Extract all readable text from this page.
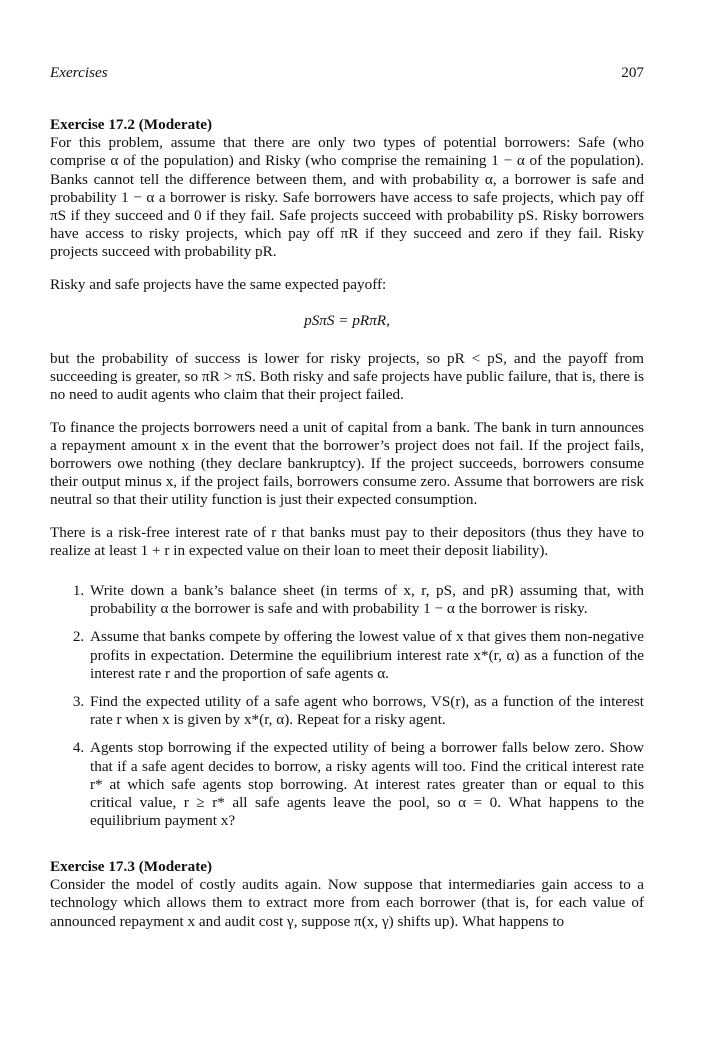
Exercises	207

Exercise 17.2 (Moderate)

For this problem, assume that there are only two types of potential borrowers: Safe (who comprise α of the population) and Risky (who comprise the remaining 1 − α of the population). Banks cannot tell the difference between them, and with probability α, a borrower is safe and probability 1 − α a borrower is risky. Safe borrowers have access to safe projects, which pay off πS if they succeed and 0 if they fail. Safe projects succeed with probability pS. Risky borrowers have access to risky projects, which pay off πR if they succeed and zero if they fail. Risky projects succeed with probability pR.

Risky and safe projects have the same expected payoff:

pSπS = pRπR,

but the probability of success is lower for risky projects, so pR < pS, and the payoff from succeeding is greater, so πR > πS. Both risky and safe projects have public failure, that is, there is no need to audit agents who claim that their project failed.

To finance the projects borrowers need a unit of capital from a bank. The bank in turn announces a repayment amount x in the event that the borrower’s project does not fail. If the project fails, borrowers owe nothing (they declare bankruptcy). If the project succeeds, borrowers consume their output minus x, if the project fails, borrowers consume zero. Assume that borrowers are risk neutral so that their utility function is just their expected consumption.

There is a risk-free interest rate of r that banks must pay to their depositors (thus they have to realize at least 1 + r in expected value on their loan to meet their deposit liability).

1. Write down a bank’s balance sheet (in terms of x, r, pS, and pR) assuming that, with probability α the borrower is safe and with probability 1 − α the borrower is risky.
2. Assume that banks compete by offering the lowest value of x that gives them non-negative profits in expectation. Determine the equilibrium interest rate x*(r, α) as a function of the interest rate r and the proportion of safe agents α.
3. Find the expected utility of a safe agent who borrows, VS(r), as a function of the interest rate r when x is given by x*(r, α). Repeat for a risky agent.
4. Agents stop borrowing if the expected utility of being a borrower falls below zero. Show that if a safe agent decides to borrow, a risky agents will too. Find the critical interest rate r* at which safe agents stop borrowing. At interest rates greater than or equal to this critical value, r ≥ r* all safe agents leave the pool, so α = 0. What happens to the equilibrium payment x?

Exercise 17.3 (Moderate)

Consider the model of costly audits again. Now suppose that intermediaries gain access to a technology which allows them to extract more from each borrower (that is, for each value of announced repayment x and audit cost γ, suppose π(x, γ) shifts up). What happens to
